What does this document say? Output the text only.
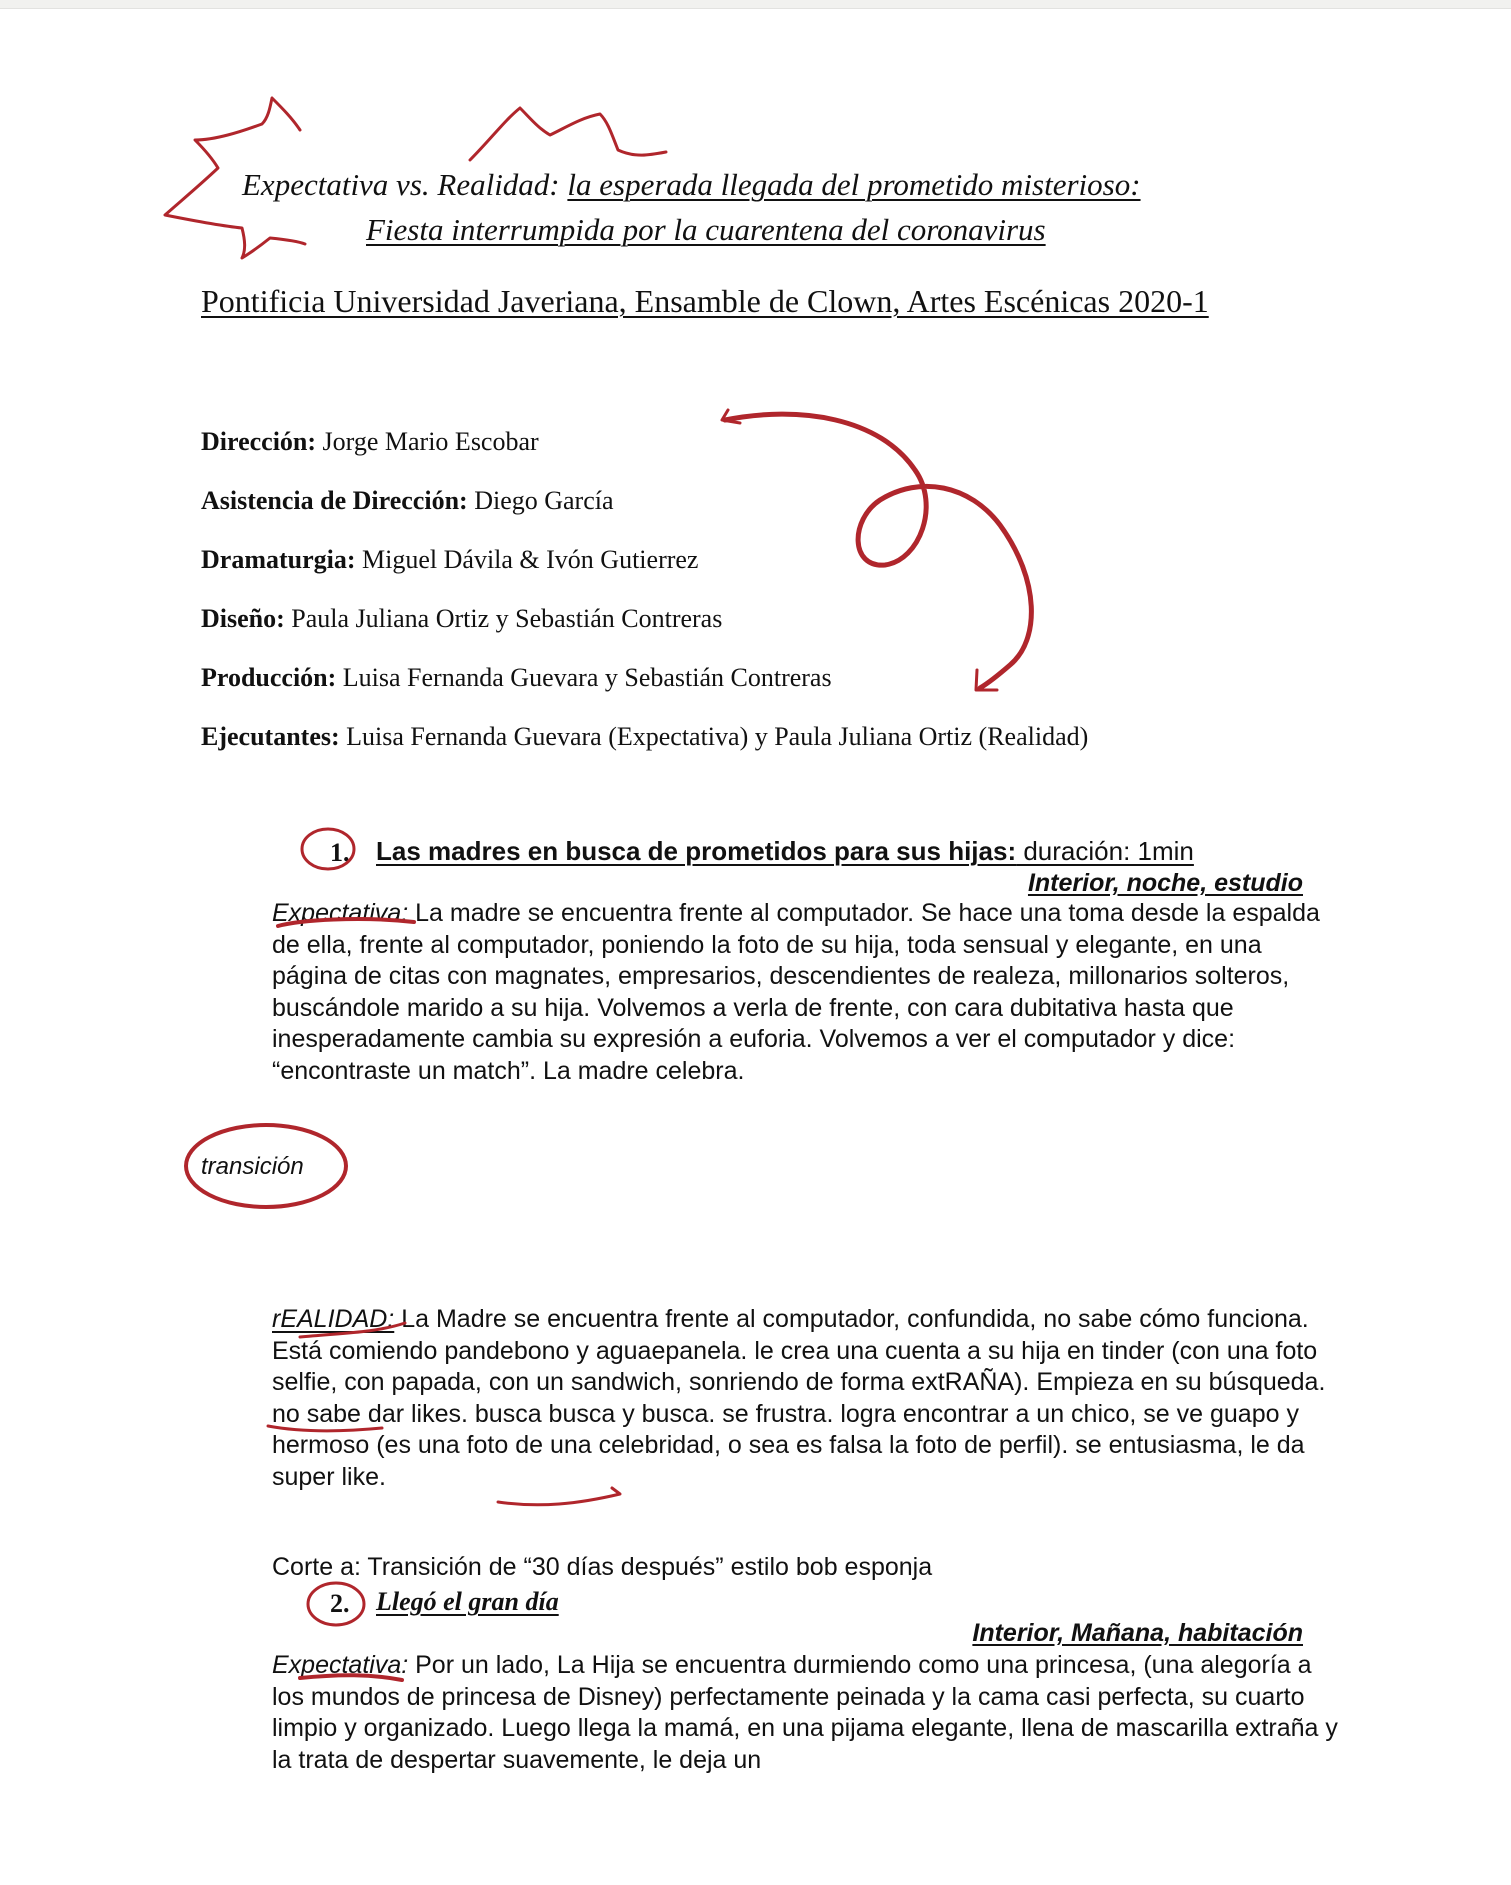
Expectativa vs. Realidad: la esperada llegada del prometido misterioso:
Fiesta interrumpida por la cuarentena del coronavirus
Pontificia Universidad Javeriana, Ensamble de Clown, Artes Escénicas 2020-1
Dirección: Jorge Mario Escobar
Asistencia de Dirección: Diego García
Dramaturgia: Miguel Dávila & Ivón Gutierrez
Diseño: Paula Juliana Ortiz y Sebastián Contreras
Producción: Luisa Fernanda Guevara y Sebastián Contreras
Ejecutantes: Luisa Fernanda Guevara (Expectativa) y Paula Juliana Ortiz (Realidad)
1. Las madres en busca de prometidos para sus hijas: duración: 1min
Interior, noche, estudio
Expectativa: La madre se encuentra frente al computador. Se hace una toma desde la espalda de ella, frente al computador, poniendo la foto de su hija, toda sensual y elegante, en una página de citas con magnates, empresarios, descendientes de realeza, millonarios solteros, buscándole marido a su hija. Volvemos a verla de frente, con cara dubitativa hasta que inesperadamente cambia su expresión a euforia. Volvemos a ver el computador y dice: “encontraste un match”. La madre celebra.
transición
rEALIDAD: La Madre se encuentra frente al computador, confundida, no sabe cómo funciona. Está comiendo pandebono y aguaepanela. le crea una cuenta a su hija en tinder (con una foto selfie, con papada, con un sandwich, sonriendo de forma extRAÑA). Empieza en su búsqueda. no sabe dar likes. busca busca y busca. se frustra. logra encontrar a un chico, se ve guapo y hermoso (es una foto de una celebridad, o sea es falsa la foto de perfil). se entusiasma, le da super like.
Corte a: Transición de “30 días después” estilo bob esponja
2. Llegó el gran día
Interior, Mañana, habitación
Expectativa: Por un lado, La Hija se encuentra durmiendo como una princesa, (una alegoría a los mundos de princesa de Disney) perfectamente peinada y la cama casi perfecta, su cuarto limpio y organizado. Luego llega la mamá, en una pijama elegante, llena de mascarilla extraña y la trata de despertar suavemente, le deja un
